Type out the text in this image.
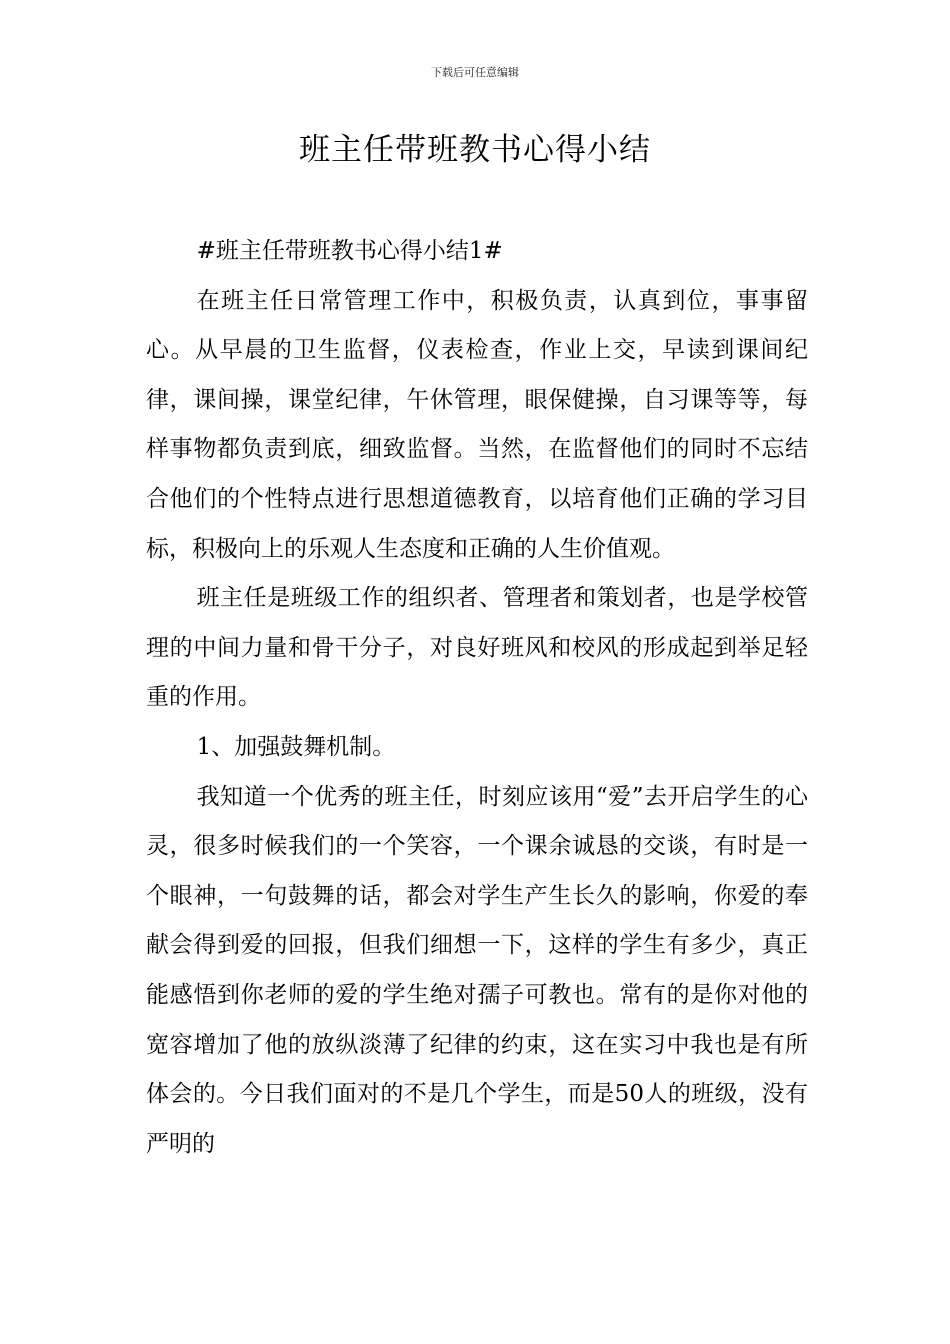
下载后可任意编辑
班主任带班教书心得小结

#班主任带班教书心得小结1#

在班主任日常管理工作中，积极负责，认真到位，事事留心。从早晨的卫生监督，仪表检查，作业上交，早读到课间纪律，课间操，课堂纪律，午休管理，眼保健操，自习课等等，每样事物都负责到底，细致监督。当然，在监督他们的同时不忘结合他们的个性特点进行思想道德教育，以培育他们正确的学习目标，积极向上的乐观人生态度和正确的人生价值观。

班主任是班级工作的组织者、管理者和策划者，也是学校管理的中间力量和骨干分子，对良好班风和校风的形成起到举足轻重的作用。

1、加强鼓舞机制。

我知道一个优秀的班主任，时刻应该用“爱”去开启学生的心灵，很多时候我们的一个笑容，一个课余诚恳的交谈，有时是一个眼神，一句鼓舞的话，都会对学生产生长久的影响，你爱的奉献会得到爱的回报，但我们细想一下，这样的学生有多少，真正能感悟到你老师的爱的学生绝对孺子可教也。常有的是你对他的宽容增加了他的放纵淡薄了纪律的约束，这在实习中我也是有所体会的。今日我们面对的不是几个学生，而是50人的班级，没有严明的
